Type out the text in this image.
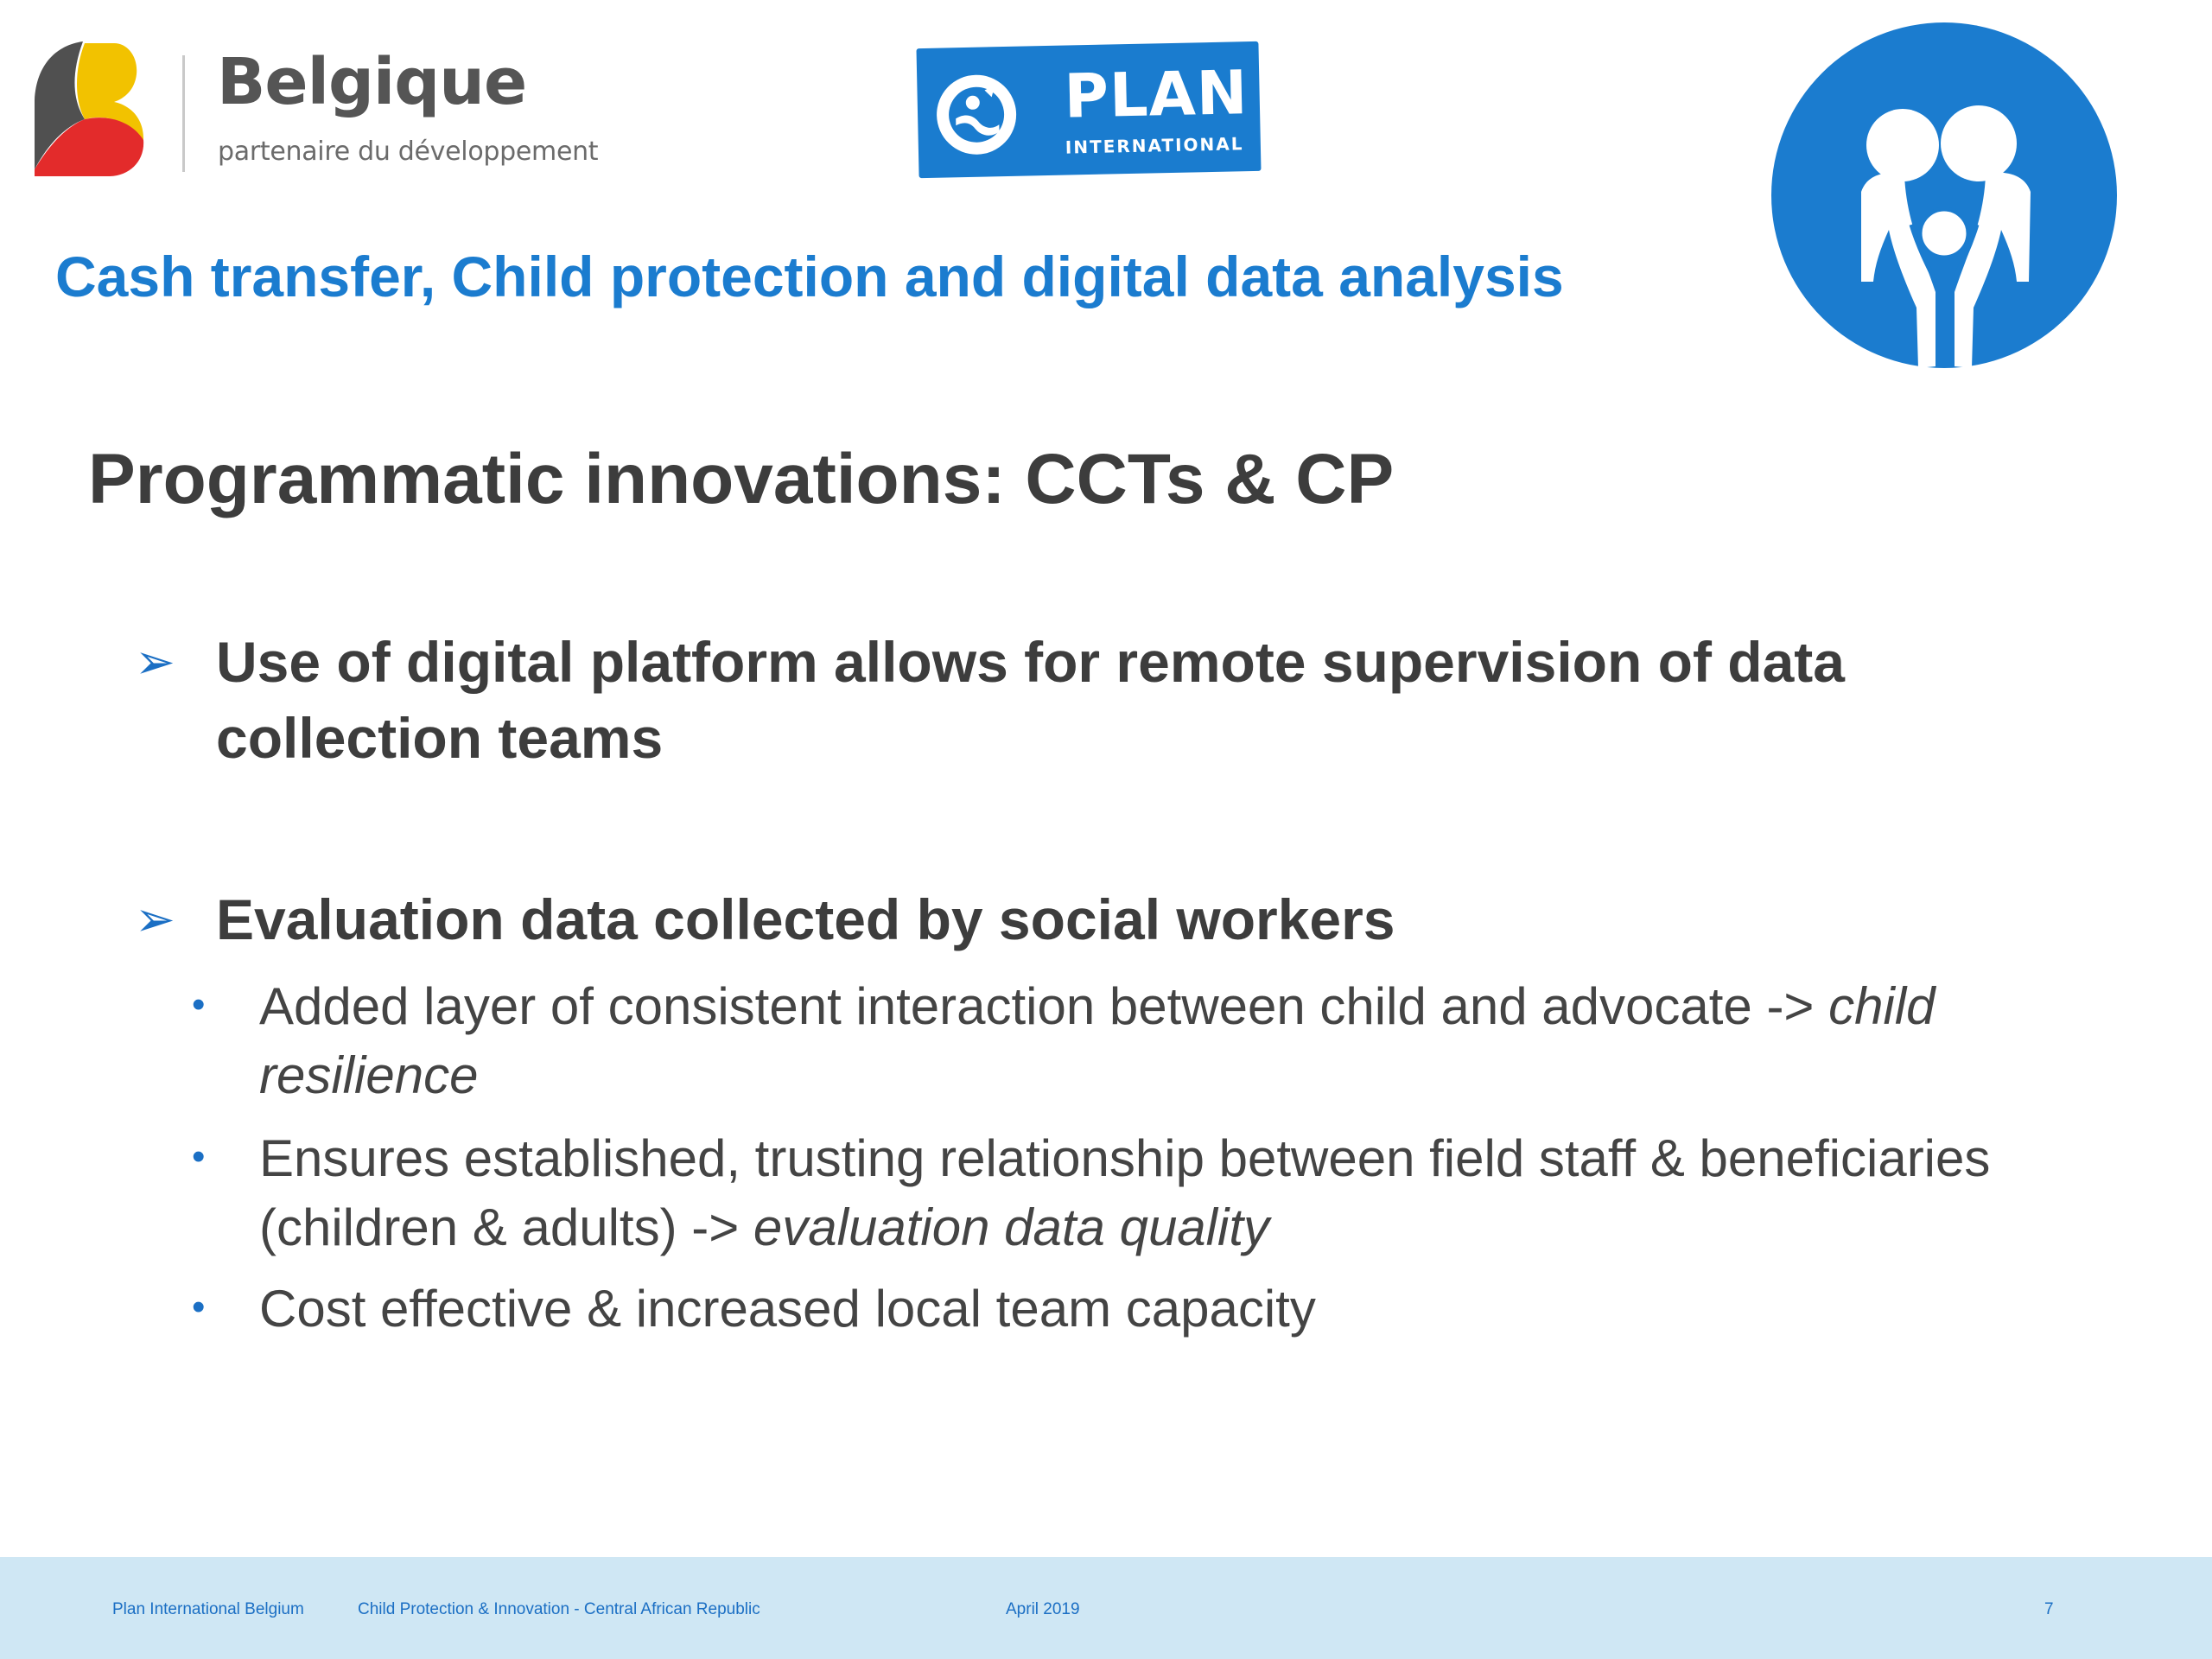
Belgique
partenaire du développement
PLAN
INTERNATIONAL
Cash transfer, Child protection and digital data analysis
Programmatic innovations: CCTs & CP
➢ Use of digital platform allows for remote supervision of data collection teams
➢ Evaluation data collected by social workers
• Added layer of consistent interaction between child and advocate -> child resilience
• Ensures established, trusting relationship between field staff & beneficiaries (children & adults) -> evaluation data quality
• Cost effective & increased local team capacity
Plan International Belgium	Child Protection & Innovation - Central African Republic	April 2019	7
